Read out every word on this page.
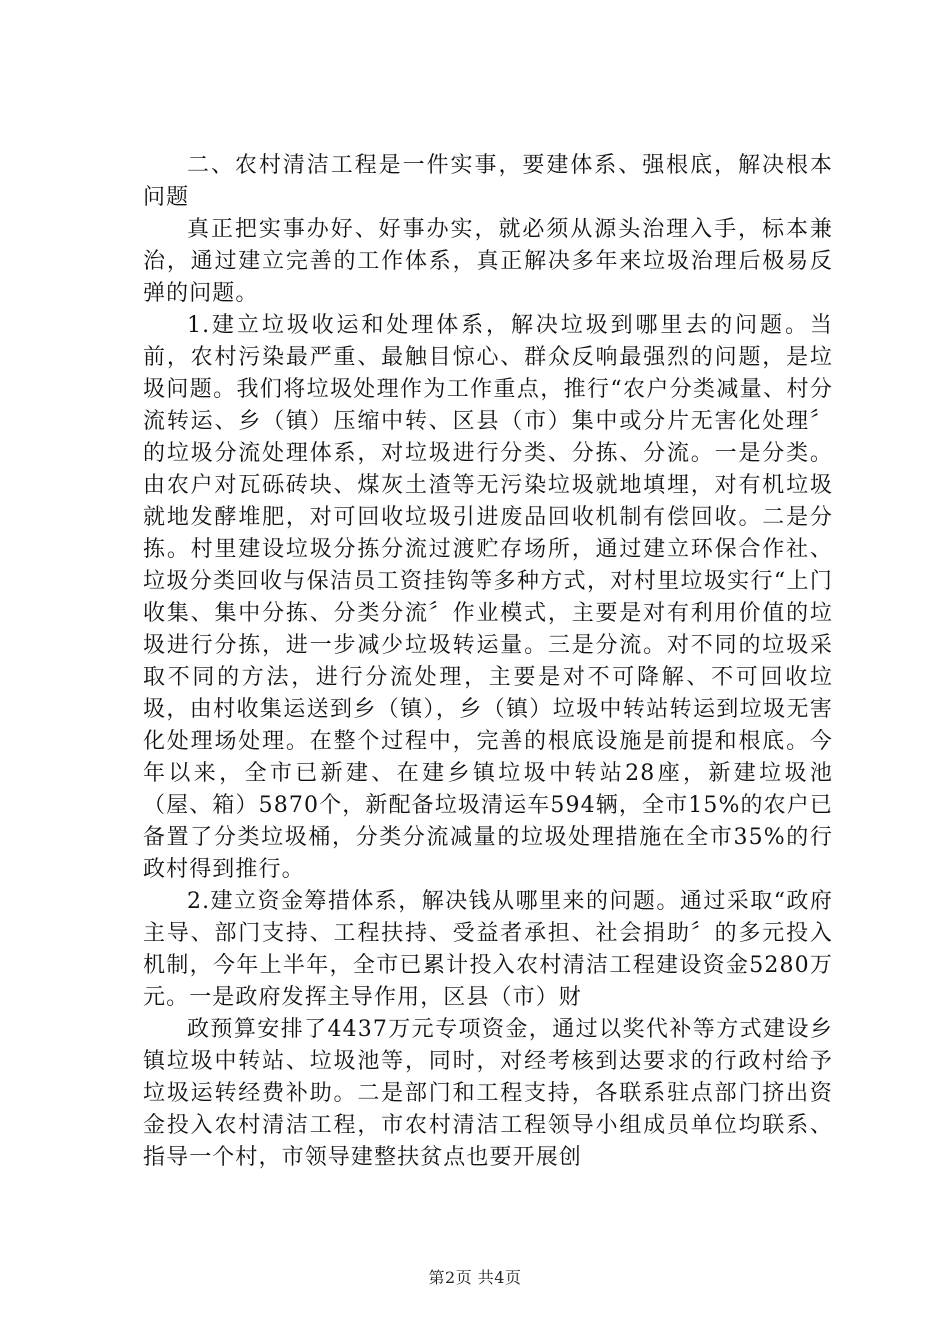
二、农村清洁工程是一件实事，要建体系、强根底，解决根本问题

真正把实事办好、好事办实，就必须从源头治理入手，标本兼治，通过建立完善的工作体系，真正解决多年来垃圾治理后极易反弹的问题。

1.建立垃圾收运和处理体系，解决垃圾到哪里去的问题。当前，农村污染最严重、最触目惊心、群众反响最强烈的问题，是垃圾问题。我们将垃圾处理作为工作重点，推行“农户分类减量、村分流转运、乡（镇）压缩中转、区县（市）集中或分片无害化处理〞的垃圾分流处理体系，对垃圾进行分类、分拣、分流。一是分类。由农户对瓦砾砖块、煤灰土渣等无污染垃圾就地填埋，对有机垃圾就地发酵堆肥，对可回收垃圾引进废品回收机制有偿回收。二是分拣。村里建设垃圾分拣分流过渡贮存场所，通过建立环保合作社、垃圾分类回收与保洁员工资挂钩等多种方式，对村里垃圾实行“上门收集、集中分拣、分类分流〞作业模式，主要是对有利用价值的垃圾进行分拣，进一步减少垃圾转运量。三是分流。对不同的垃圾采取不同的方法，进行分流处理，主要是对不可降解、不可回收垃圾，由村收集运送到乡（镇），乡（镇）垃圾中转站转运到垃圾无害化处理场处理。在整个过程中，完善的根底设施是前提和根底。今年以来，全市已新建、在建乡镇垃圾中转站28座，新建垃圾池（屋、箱）5870个，新配备垃圾清运车594辆，全市15%的农户已备置了分类垃圾桶，分类分流减量的垃圾处理措施在全市35%的行政村得到推行。

2.建立资金筹措体系，解决钱从哪里来的问题。通过采取“政府主导、部门支持、工程扶持、受益者承担、社会捐助〞的多元投入机制，今年上半年，全市已累计投入农村清洁工程建设资金5280万元。一是政府发挥主导作用，区县（市）财

政预算安排了4437万元专项资金，通过以奖代补等方式建设乡镇垃圾中转站、垃圾池等，同时，对经考核到达要求的行政村给予垃圾运转经费补助。二是部门和工程支持，各联系驻点部门挤出资金投入农村清洁工程，市农村清洁工程领导小组成员单位均联系、指导一个村，市领导建整扶贫点也要开展创

第2页 共4页
